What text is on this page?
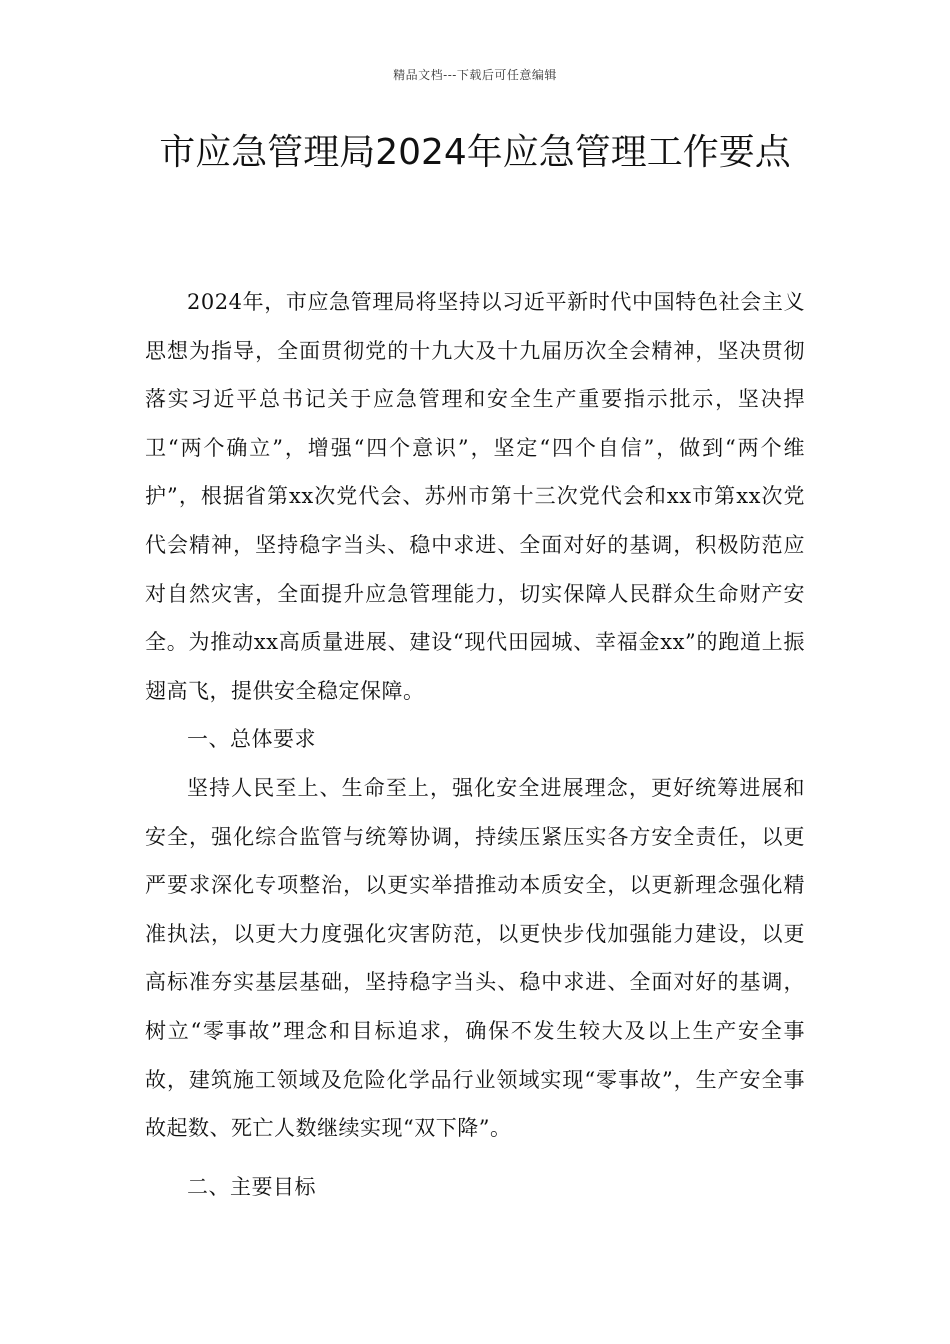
精品文档---下载后可任意编辑
市应急管理局2024年应急管理工作要点

2024年，市应急管理局将坚持以习近平新时代中国特色社会主义思想为指导，全面贯彻党的十九大及十九届历次全会精神，坚决贯彻落实习近平总书记关于应急管理和安全生产重要指示批示，坚决捍卫“两个确立”，增强“四个意识”，坚定“四个自信”，做到“两个维护”，根据省第xx次党代会、苏州市第十三次党代会和xx市第xx次党代会精神，坚持稳字当头、稳中求进、全面对好的基调，积极防范应对自然灾害，全面提升应急管理能力，切实保障人民群众生命财产安全。为推动xx高质量进展、建设“现代田园城、幸福金xx”的跑道上振翅高飞，提供安全稳定保障。

一、总体要求

坚持人民至上、生命至上，强化安全进展理念，更好统筹进展和安全，强化综合监管与统筹协调，持续压紧压实各方安全责任，以更严要求深化专项整治，以更实举措推动本质安全，以更新理念强化精准执法，以更大力度强化灾害防范，以更快步伐加强能力建设，以更高标准夯实基层基础，坚持稳字当头、稳中求进、全面对好的基调，树立“零事故”理念和目标追求，确保不发生较大及以上生产安全事故，建筑施工领域及危险化学品行业领域实现“零事故”，生产安全事故起数、死亡人数继续实现“双下降”。

二、主要目标
